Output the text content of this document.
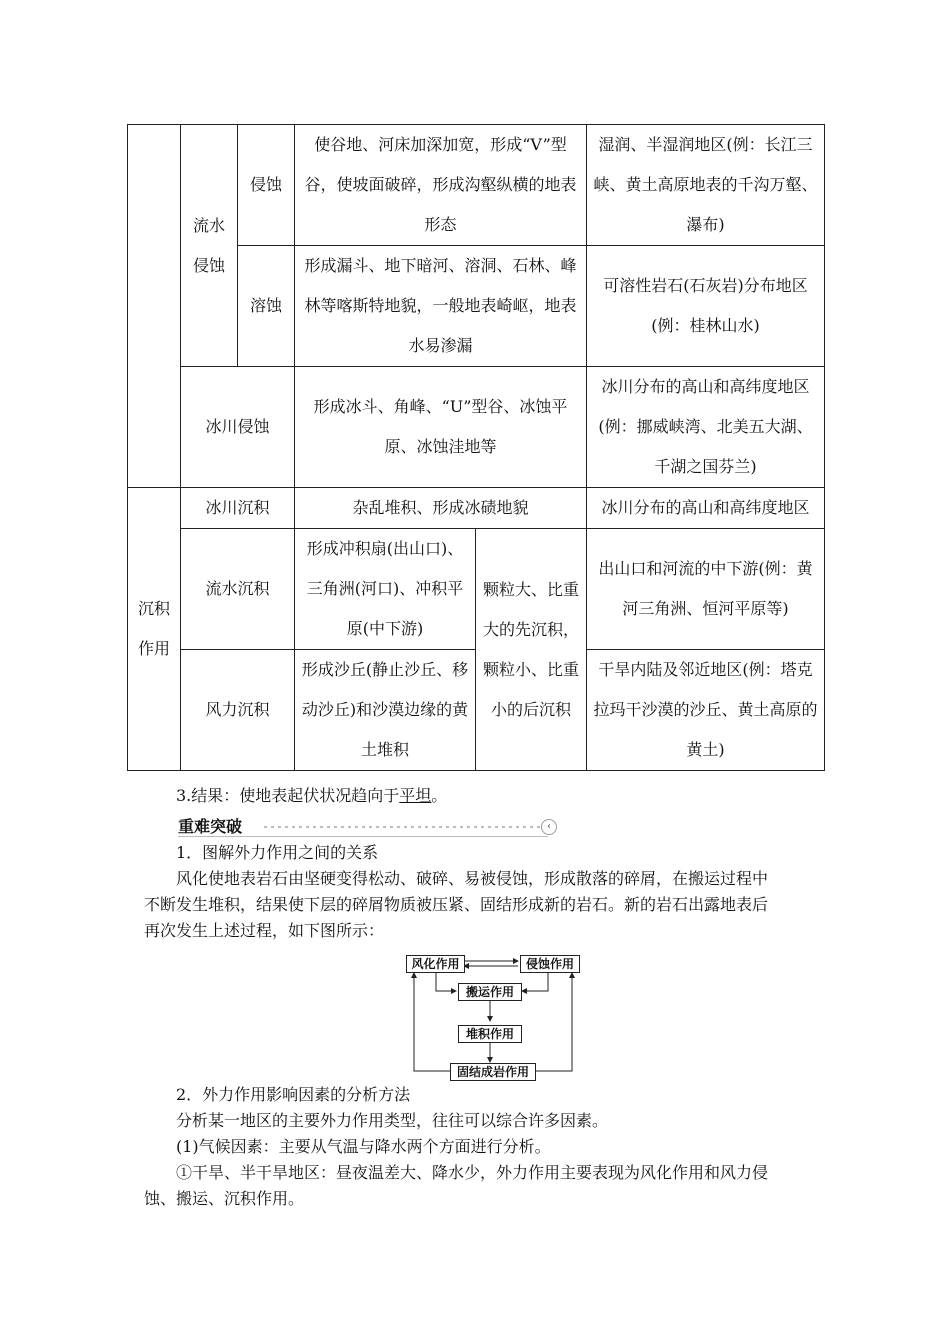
	流水侵蚀	侵蚀	使谷地、河床加深加宽，形成“V”型谷，使坡面破碎，形成沟壑纵横的地表形态		湿润、半湿润地区(例：长江三峡、黄土高原地表的千沟万壑、瀑布)
		溶蚀	形成漏斗、地下暗河、溶洞、石林、峰林等喀斯特地貌，一般地表崎岖，地表水易渗漏		可溶性岩石(石灰岩)分布地区(例：桂林山水)
	冰川侵蚀		形成冰斗、角峰、“U”型谷、冰蚀平原、冰蚀洼地等		冰川分布的高山和高纬度地区(例：挪威峡湾、北美五大湖、千湖之国芬兰)
沉积作用	冰川沉积		杂乱堆积、形成冰碛地貌		冰川分布的高山和高纬度地区
	流水沉积		形成冲积扇(出山口)、三角洲(河口)、冲积平原(中下游)	颗粒大、比重大的先沉积，颗粒小、比重小的后沉积	出山口和河流的中下游(例：黄河三角洲、恒河平原等)
	风力沉积		形成沙丘(静止沙丘、移动沙丘)和沙漠边缘的黄土堆积		干旱内陆及邻近地区(例：塔克拉玛干沙漠的沙丘、黄土高原的黄土)

3.结果：使地表起伏状况趋向于平坦。

重难突破	‹

1．图解外力作用之间的关系

风化使地表岩石由坚硬变得松动、破碎、易被侵蚀，形成散落的碎屑，在搬运过程中

不断发生堆积，结果使下层的碎屑物质被压紧、固结形成新的岩石。新的岩石出露地表后

再次发生上述过程，如下图所示：

风化作用	侵蚀作用
搬运作用
堆积作用
固结成岩作用

2．外力作用影响因素的分析方法

分析某一地区的主要外力作用类型，往往可以综合许多因素。

(1)气候因素：主要从气温与降水两个方面进行分析。

①干旱、半干旱地区：昼夜温差大、降水少，外力作用主要表现为风化作用和风力侵

蚀、搬运、沉积作用。
